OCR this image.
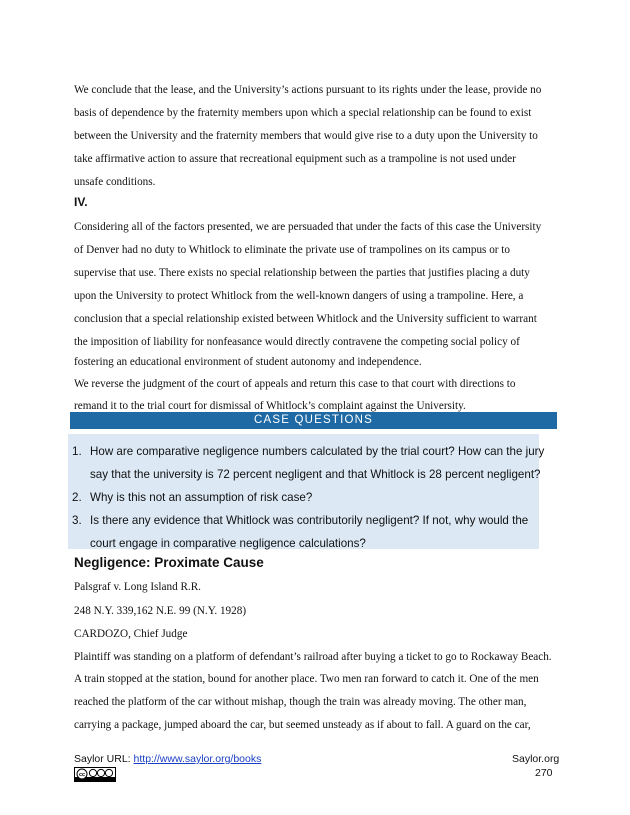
We conclude that the lease, and the University’s actions pursuant to its rights under the lease, provide no
basis of dependence by the fraternity members upon which a special relationship can be found to exist
between the University and the fraternity members that would give rise to a duty upon the University to
take affirmative action to assure that recreational equipment such as a trampoline is not used under
unsafe conditions.
IV.
Considering all of the factors presented, we are persuaded that under the facts of this case the University
of Denver had no duty to Whitlock to eliminate the private use of trampolines on its campus or to
supervise that use. There exists no special relationship between the parties that justifies placing a duty
upon the University to protect Whitlock from the well-known dangers of using a trampoline. Here, a
conclusion that a special relationship existed between Whitlock and the University sufficient to warrant
the imposition of liability for nonfeasance would directly contravene the competing social policy of
fostering an educational environment of student autonomy and independence.
We reverse the judgment of the court of appeals and return this case to that court with directions to
remand it to the trial court for dismissal of Whitlock’s complaint against the University.
CASE QUESTIONS
1. How are comparative negligence numbers calculated by the trial court? How can the jury
say that the university is 72 percent negligent and that Whitlock is 28 percent negligent?
2. Why is this not an assumption of risk case?
3. Is there any evidence that Whitlock was contributorily negligent? If not, why would the
court engage in comparative negligence calculations?
Negligence: Proximate Cause
Palsgraf v. Long Island R.R.
248 N.Y. 339,162 N.E. 99 (N.Y. 1928)
CARDOZO, Chief Judge
Plaintiff was standing on a platform of defendant’s railroad after buying a ticket to go to Rockaway Beach.
A train stopped at the station, bound for another place. Two men ran forward to catch it. One of the men
reached the platform of the car without mishap, though the train was already moving. The other man,
carrying a package, jumped aboard the car, but seemed unsteady as if about to fall. A guard on the car,
Saylor URL: http://www.saylor.org/books	Saylor.org
270
cc
